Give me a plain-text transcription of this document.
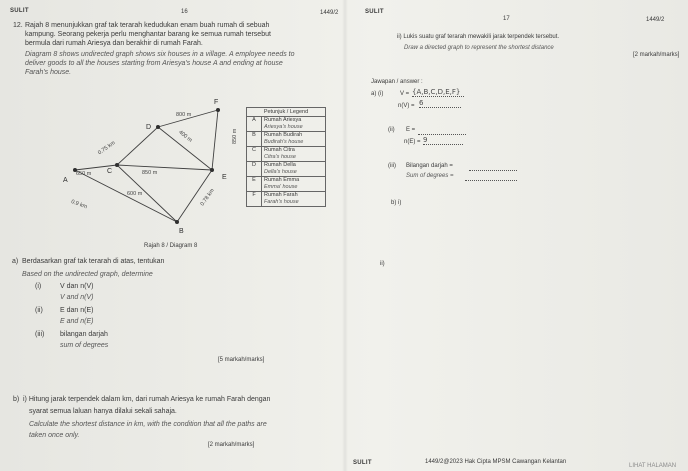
SULIT	16	1449/2	SULIT
17	1449/2
12. Rajah 8 menunjukkan graf tak terarah kedudukan enam buah rumah di sebuah
kampung. Seorang pekerja perlu menghantar barang ke semua rumah tersebut
bermula dari rumah Ariesya dan berakhir di rumah Farah.
Diagram 8 shows undirected graph shows six houses in a village. A employee needs to
deliver goods to all the houses starting from Ariesya's house A and ending at house
Farah's house.
A
B
C
D
E
F
800 m
0.75 km
650 m	850 m
400 m	850 m
600 m
0.9 km	0.78 km
Petunjuk / Legend	
A	Rumah Ariesya
Ariesya's house

B	Rumah Budirah
Budirah's house

C	Rumah Citra
Citra's house

D	Rumah Della
Della's house

E	Rumah Emma
Emma' house

F	Rumah Farah
Farah's house
Rajah 8 / Diagram 8
a) Berdasarkan graf tak terarah di atas, tentukan
Based on the undirected graph, determine
(i)	V dan n(V)
V and n(V)
(ii) E dan n(E)
E and n(E)
(iii) bilangan darjah
sum of degrees
[5 markah/marks]
b) i) Hitung jarak terpendek dalam km, dari rumah Ariesya ke rumah Farah dengan
syarat semua laluan hanya dilalui sekali sahaja.
Calculate the shortest distance in km, with the condition that all the paths are
taken once only.
[2 markah/marks]
ii) Lukis suatu graf terarah mewakili jarak terpendek tersebut.
Draw a directed graph to represent the shortest distance
[2 markah/marks]
Jawapan / answer :
a) (i)	V = {A,B,C,D,E,F}
n(V) = 6
(ii) E =
n(E) = 9
(iii) Bilangan darjah =
Sum of degrees =
b) i)
ii)
SULIT	1449/2@2023 Hak Cipta MPSM Cawangan Kelantan
LIHAT HALAMAN
